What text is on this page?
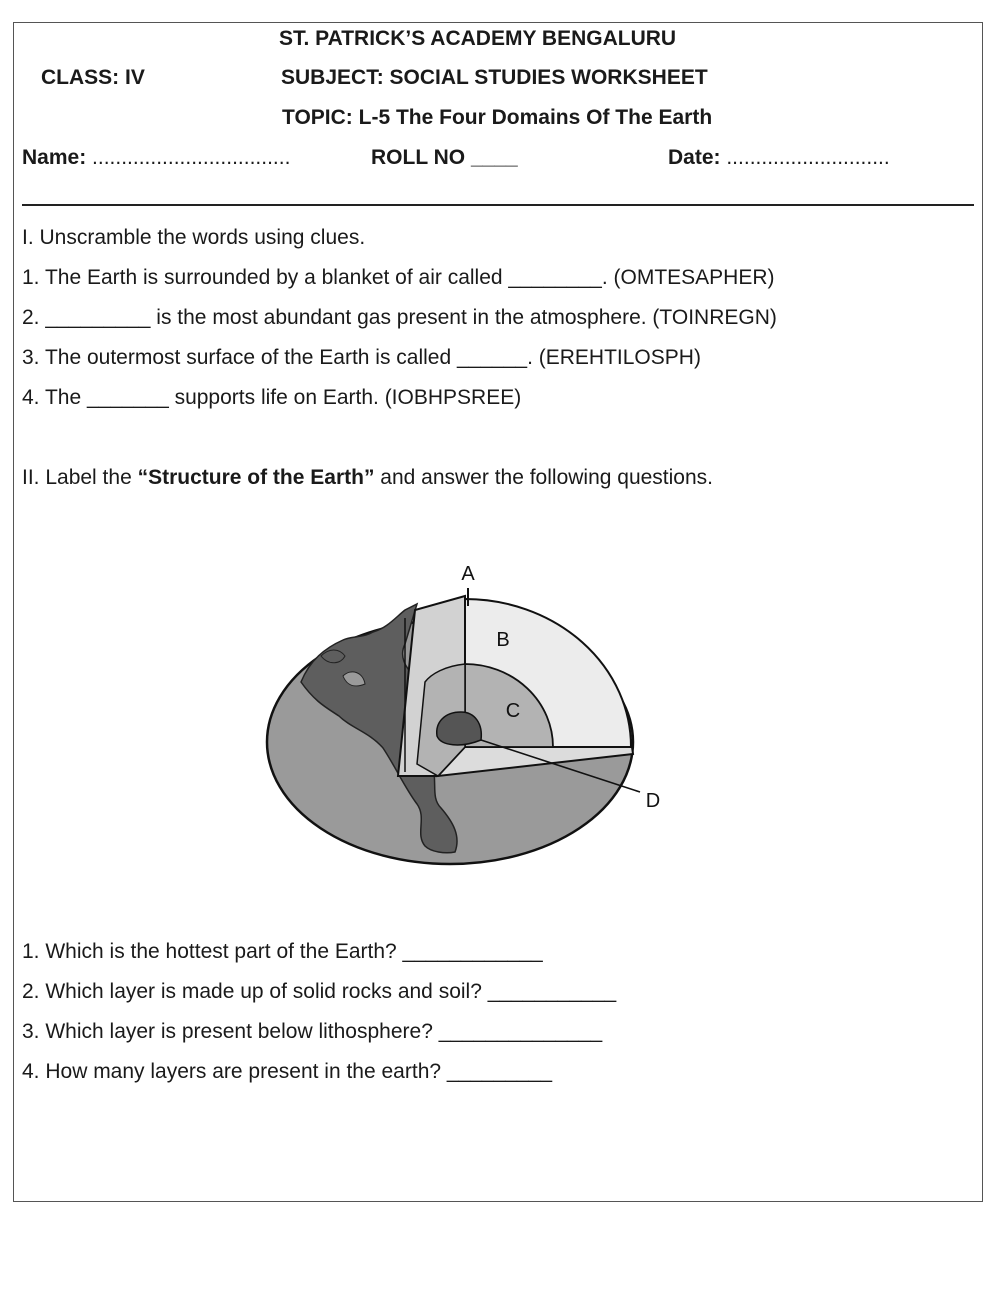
ST. PATRICK’S ACADEMY BENGALURU
CLASS: IV	SUBJECT: SOCIAL STUDIES WORKSHEET
TOPIC: L-5 The Four Domains Of The Earth
Name: ..................................	ROLL NO ____	Date: ............................
I. Unscramble the words using clues.
1. The Earth is surrounded by a blanket of air called ________. (OMTESAPHER)
2. _________ is the most abundant gas present in the atmosphere. (TOINREGN)
3. The outermost surface of the Earth is called ______. (EREHTILOSPH)
4. The _______ supports life on Earth. (IOBHPSREE)
II. Label the “Structure of the Earth” and answer the following questions.
A
B
C
D
1. Which is the hottest part of the Earth? ____________
2. Which layer is made up of solid rocks and soil? ___________
3. Which layer is present below lithosphere? ______________
4. How many layers are present in the earth? _________
